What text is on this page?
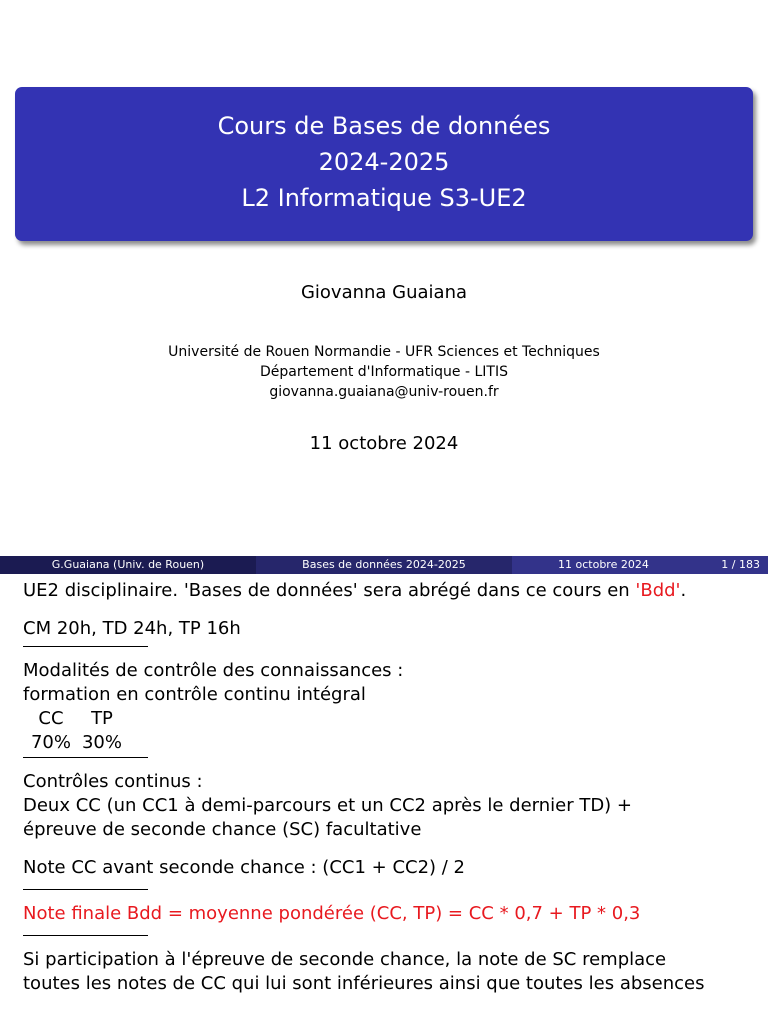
Cours de Bases de données
2024-2025
L2 Informatique S3-UE2
Giovanna Guaiana
Université de Rouen Normandie - UFR Sciences et Techniques
Département d'Informatique - LITIS
giovanna.guaiana@univ-rouen.fr
11 octobre 2024
G.Guaiana (Univ. de Rouen)	Bases de données 2024-2025	11 octobre 2024	1 / 183

UE2 disciplinaire. 'Bases de données' sera abrégé dans ce cours en 'Bdd'.

CM 20h, TD 24h, TP 16h

Modalités de contrôle des connaissances :

formation en contrôle continu intégral

CC	TP
70% 30%

Contrôles continus :

Deux CC (un CC1 à demi-parcours et un CC2 après le dernier TD) +

épreuve de seconde chance (SC) facultative

Note CC avant seconde chance : (CC1 + CC2) / 2

Note finale Bdd = moyenne pondérée (CC, TP) = CC * 0,7 + TP * 0,3

Si participation à l'épreuve de seconde chance, la note de SC remplace

toutes les notes de CC qui lui sont inférieures ainsi que toutes les absences
